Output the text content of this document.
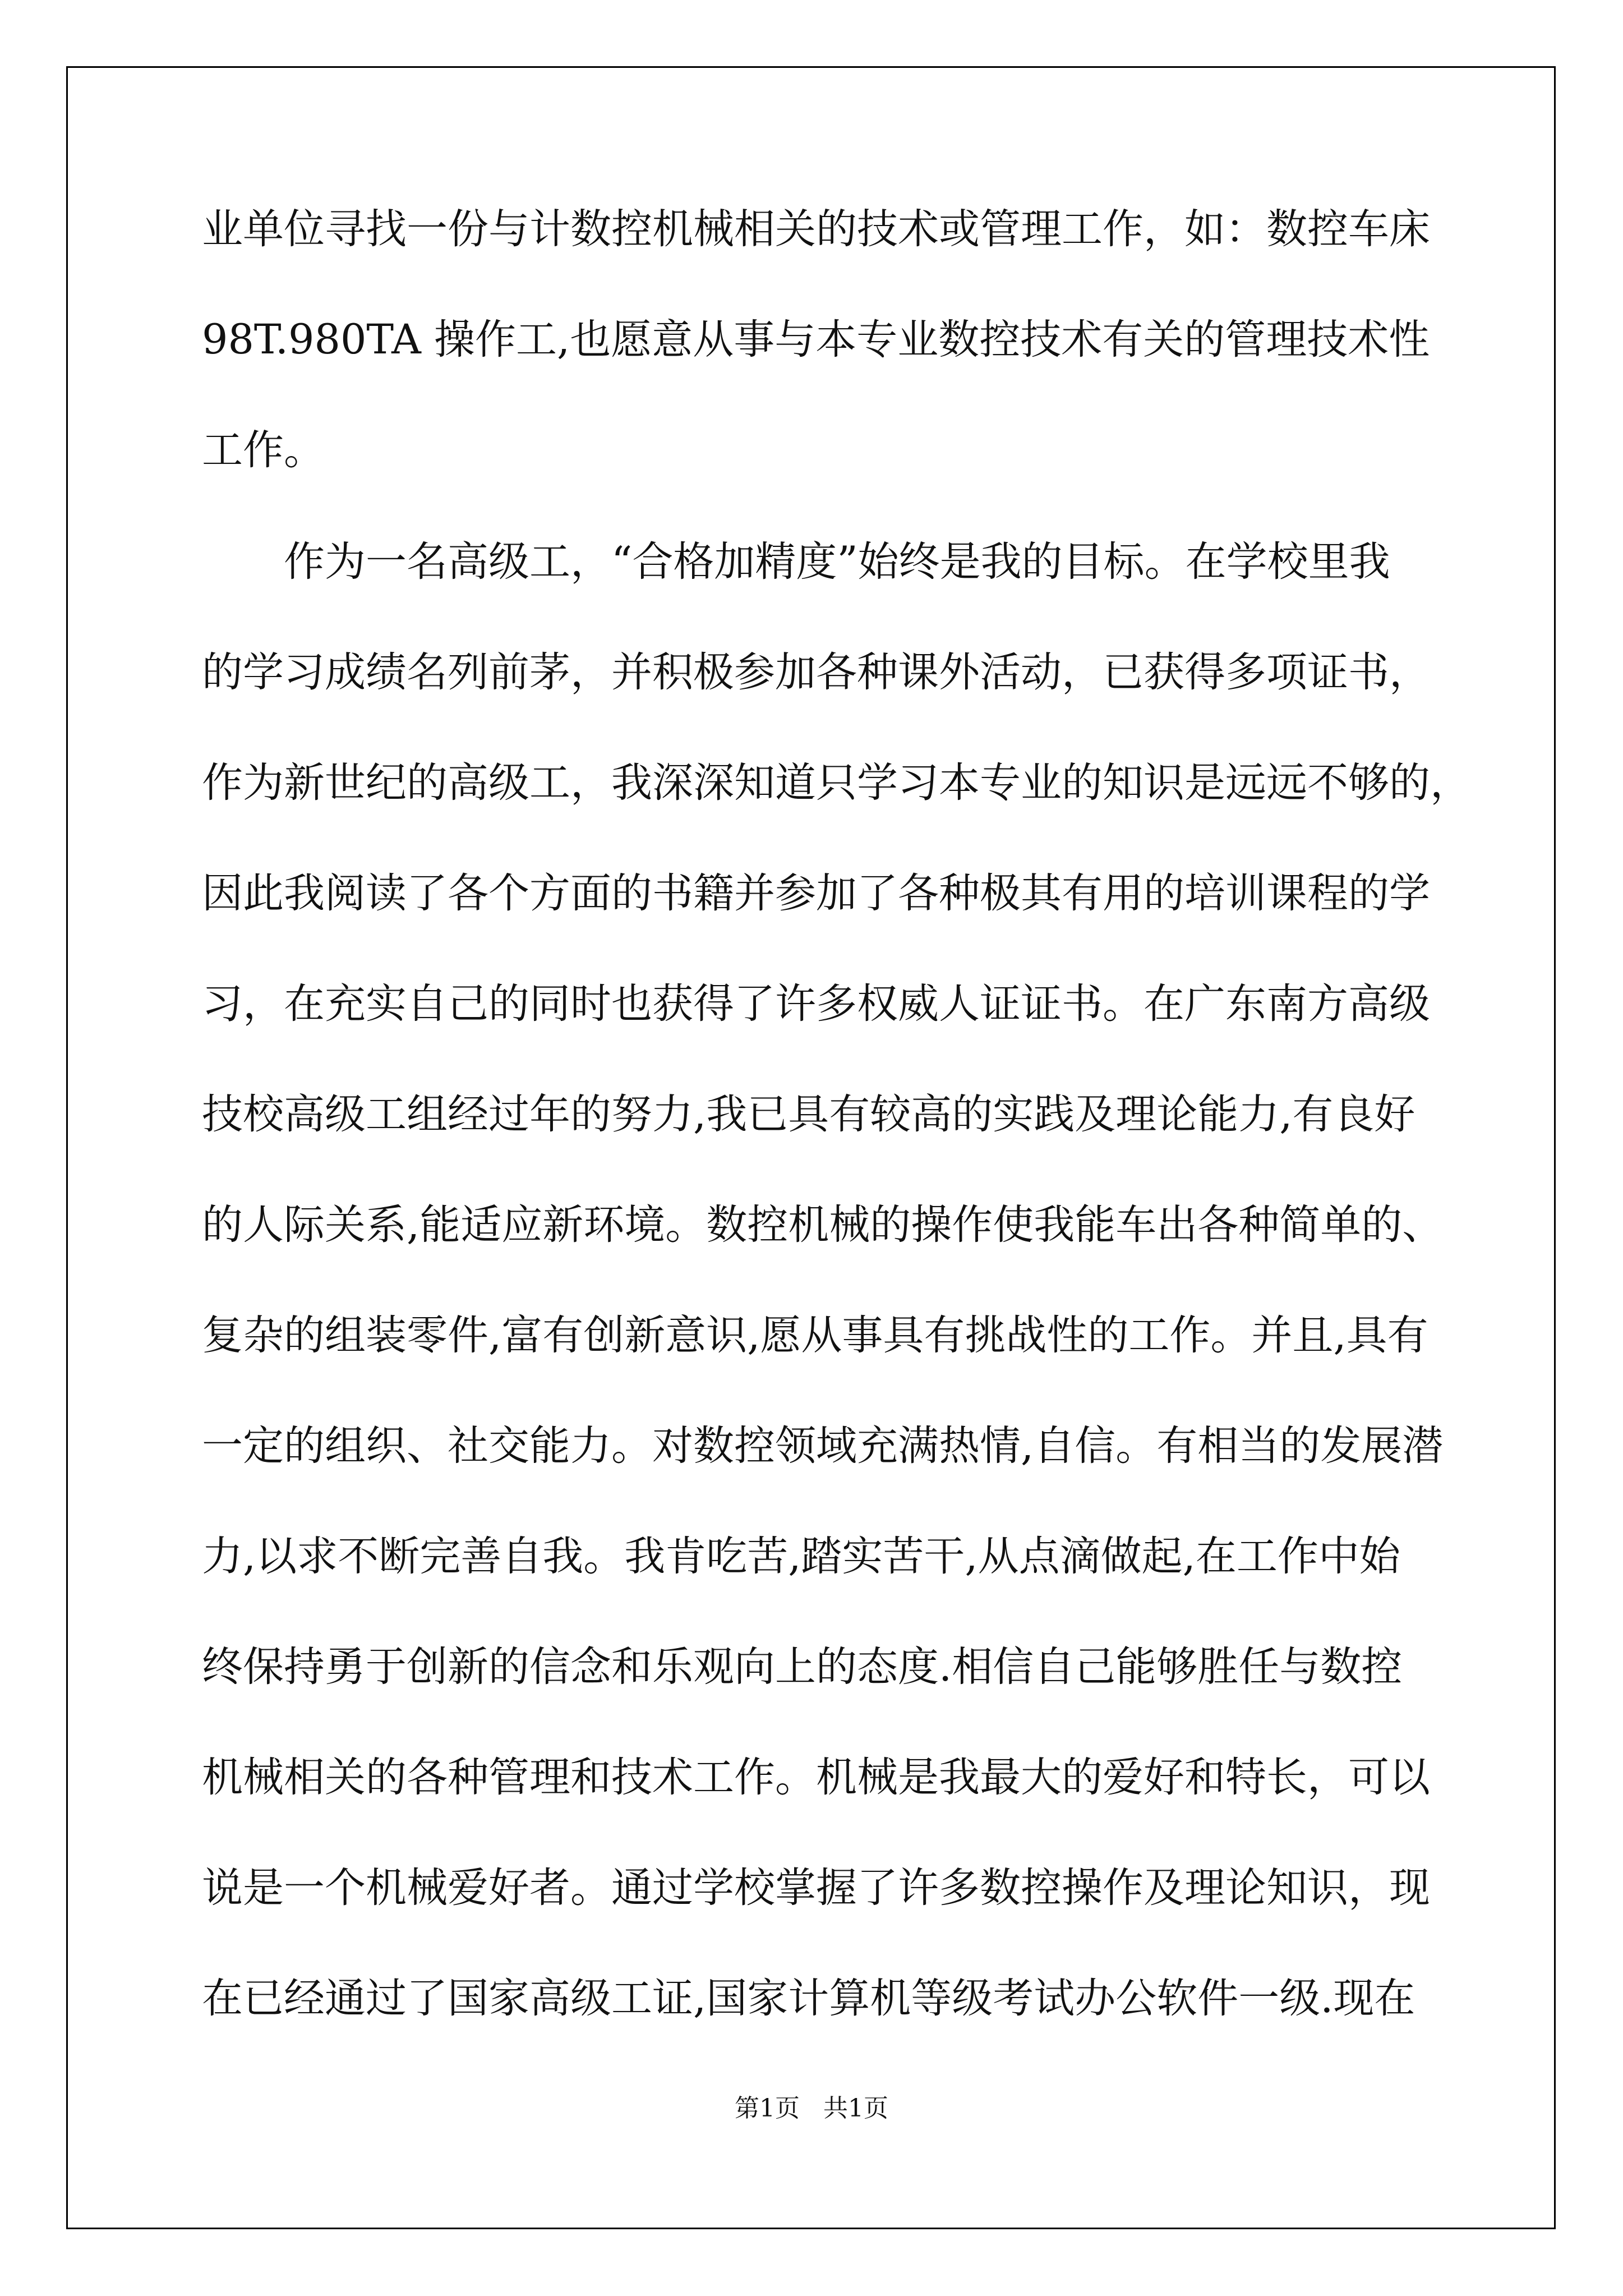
业单位寻找一份与计数控机械相关的技术或管理工作，如：数控车床
98T.980TA 操作工,也愿意从事与本专业数控技术有关的管理技术性
工作。
作为一名高级工，“合格加精度”始终是我的目标。在学校里我
的学习成绩名列前茅，并积极参加各种课外活动，已获得多项证书，
作为新世纪的高级工，我深深知道只学习本专业的知识是远远不够的，
因此我阅读了各个方面的书籍并参加了各种极其有用的培训课程的学
习，在充实自己的同时也获得了许多权威人证证书。在广东南方高级
技校高级工组经过年的努力,我已具有较高的实践及理论能力,有良好
的人际关系,能适应新环境。数控机械的操作使我能车出各种简单的、
复杂的组装零件,富有创新意识,愿从事具有挑战性的工作。并且,具有
一定的组织、社交能力。对数控领域充满热情,自信。有相当的发展潜
力,以求不断完善自我。我肯吃苦,踏实苦干,从点滴做起,在工作中始
终保持勇于创新的信念和乐观向上的态度.相信自己能够胜任与数控
机械相关的各种管理和技术工作。机械是我最大的爱好和特长，可以
说是一个机械爱好者。通过学校掌握了许多数控操作及理论知识，现
在已经通过了国家高级工证,国家计算机等级考试办公软件一级.现在
第1页   共1页
